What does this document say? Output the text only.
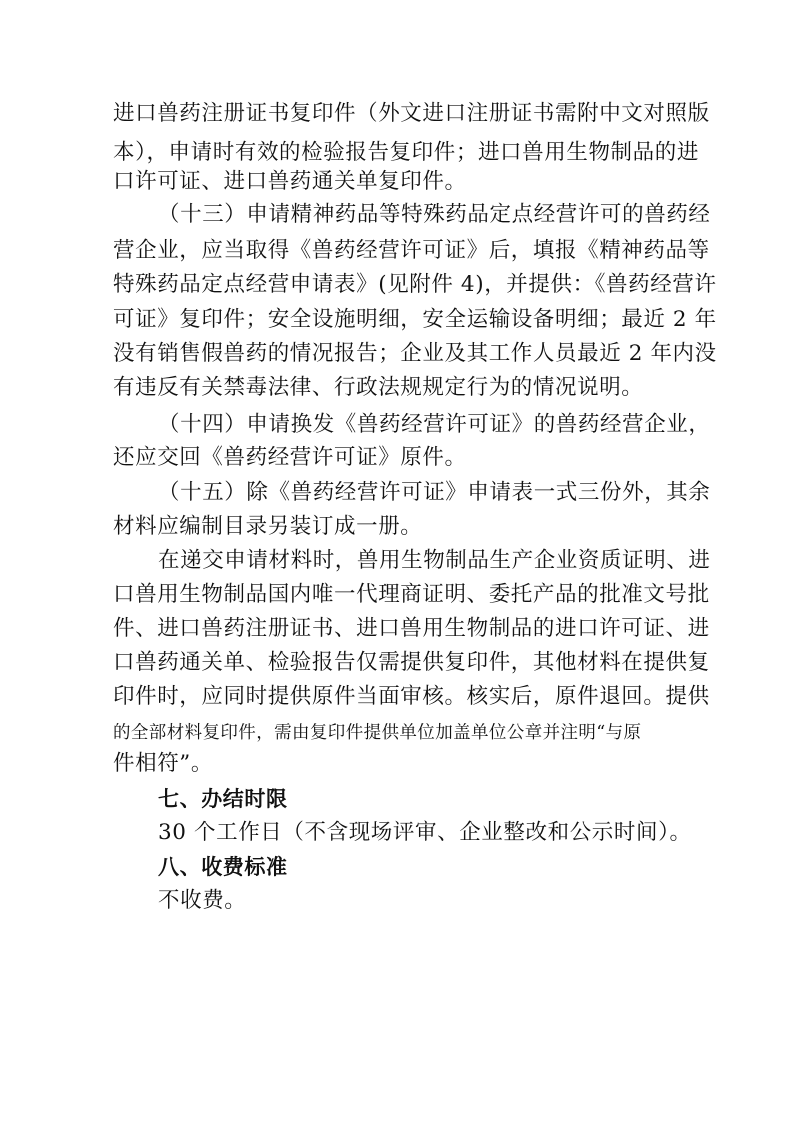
进口兽药注册证书复印件（外文进口注册证书需附中文对照版
本），申请时有效的检验报告复印件；进口兽用生物制品的进
口许可证、进口兽药通关单复印件。
（十三）申请精神药品等特殊药品定点经营许可的兽药经
营企业，应当取得《兽药经营许可证》后，填报《精神药品等
特殊药品定点经营申请表》(见附件 4)，并提供：《兽药经营许
可证》复印件；安全设施明细，安全运输设备明细；最近 2 年
没有销售假兽药的情况报告；企业及其工作人员最近 2 年内没
有违反有关禁毒法律、行政法规规定行为的情况说明。
（十四）申请换发《兽药经营许可证》的兽药经营企业，
还应交回《兽药经营许可证》原件。
（十五）除《兽药经营许可证》申请表一式三份外，其余
材料应编制目录另装订成一册。
在递交申请材料时，兽用生物制品生产企业资质证明、进
口兽用生物制品国内唯一代理商证明、委托产品的批准文号批
件、进口兽药注册证书、进口兽用生物制品的进口许可证、进
口兽药通关单、检验报告仅需提供复印件，其他材料在提供复
印件时，应同时提供原件当面审核。核实后，原件退回。提供
的全部材料复印件，需由复印件提供单位加盖单位公章并注明“与原
件相符”。
七、办结时限
30 个工作日（不含现场评审、企业整改和公示时间）。
八、收费标准
不收费。
